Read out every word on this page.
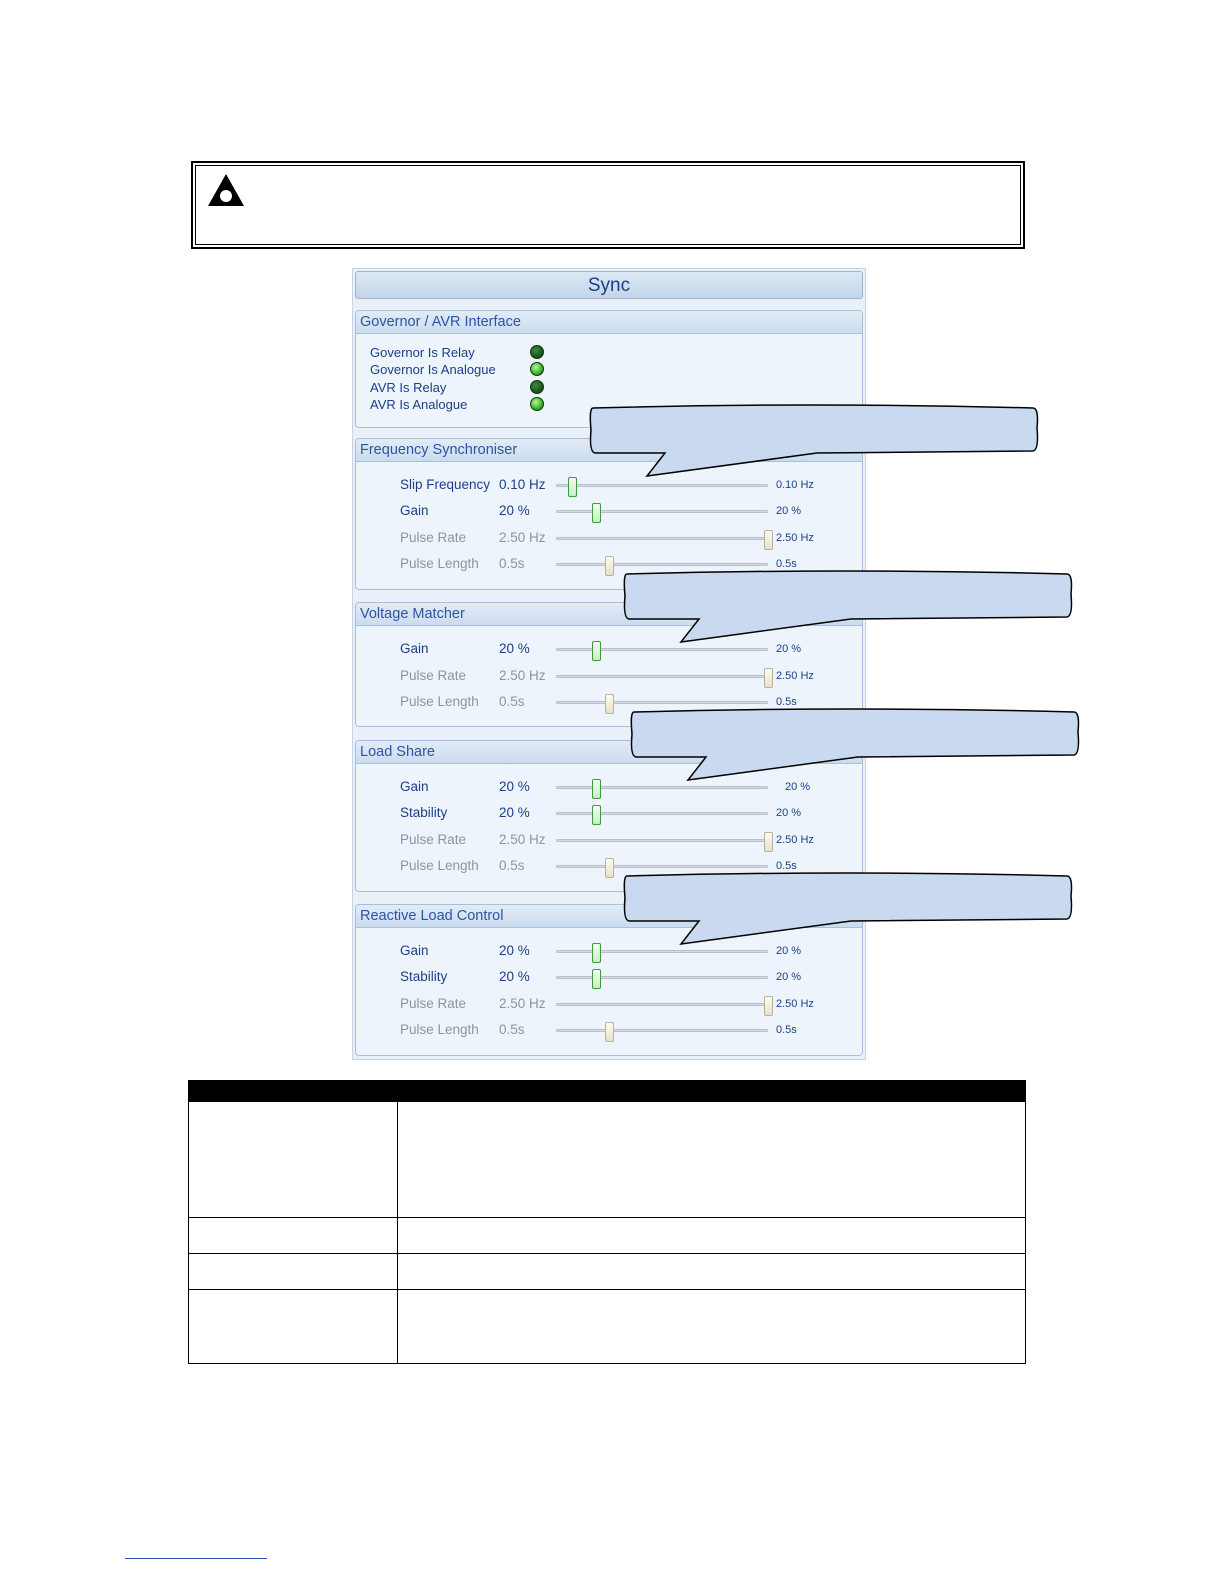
Sync
Governor / AVR Interface
Governor Is Relay
Governor Is Analogue
AVR Is Relay
AVR Is Analogue
Frequency Synchroniser
Slip Frequency 0.10 Hz	0.10 Hz
Gain	20 %	20 %
Pulse Rate 2.50 Hz	2.50 Hz
Pulse Length 0.5s	0.5s
Voltage Matcher
Gain	20 %	20 %
Pulse Rate 2.50 Hz	2.50 Hz
Pulse Length 0.5s	0.5s
Load Share
Gain	20 %	20 %
Stability	20 %	20 %
Pulse Rate 2.50 Hz	2.50 Hz
Pulse Length 0.5s	0.5s
Reactive Load Control
Gain	20 %	20 %
Stability	20 %	20 %
Pulse Rate 2.50 Hz	2.50 Hz
Pulse Length 0.5s	0.5s
